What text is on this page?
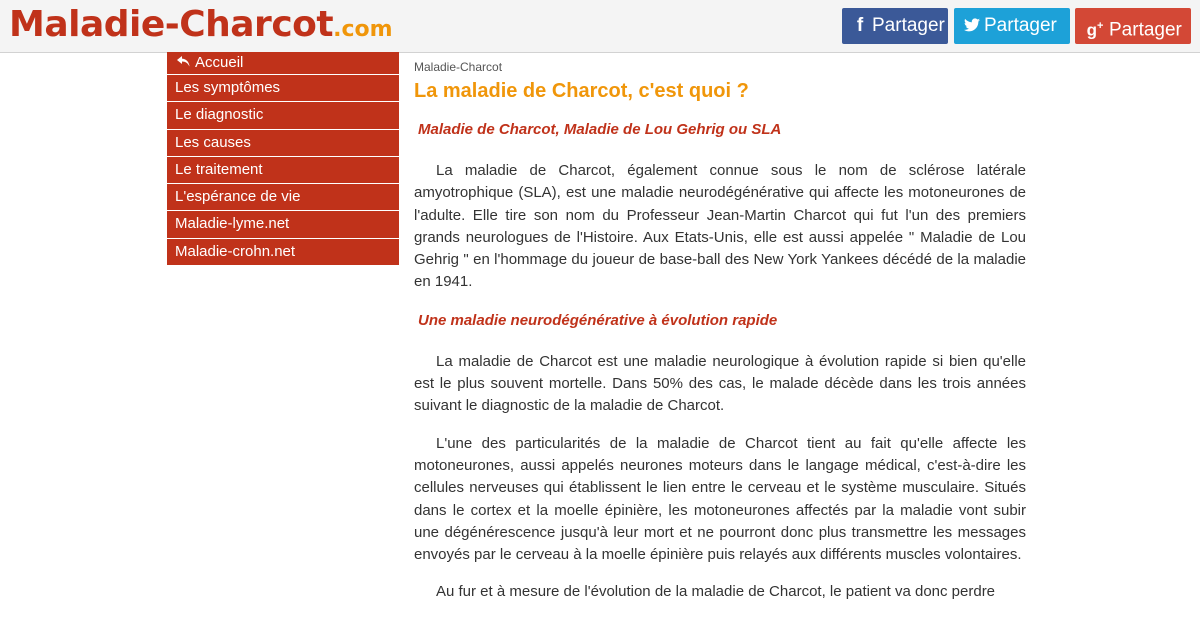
Maladie-Charcot.com	f Partager	Partager	g+ Partager
Accueil
Les symptômes
Le diagnostic
Les causes
Le traitement
L'espérance de vie
Maladie-lyme.net
Maladie-crohn.net
Maladie-Charcot
La maladie de Charcot, c'est quoi ?
Maladie de Charcot, Maladie de Lou Gehrig ou SLA

La maladie de Charcot, également connue sous le nom de sclérose latérale amyotrophique (SLA), est une maladie neurodégénérative qui affecte les motoneurones de l'adulte. Elle tire son nom du Professeur Jean-Martin Charcot qui fut l'un des premiers grands neurologues de l'Histoire. Aux Etats-Unis, elle est aussi appelée " Maladie de Lou Gehrig " en l'hommage du joueur de base-ball des New York Yankees décédé de la maladie en 1941.

Une maladie neurodégénérative à évolution rapide

La maladie de Charcot est une maladie neurologique à évolution rapide si bien qu'elle est le plus souvent mortelle. Dans 50% des cas, le malade décède dans les trois années suivant le diagnostic de la maladie de Charcot.

L'une des particularités de la maladie de Charcot tient au fait qu'elle affecte les motoneurones, aussi appelés neurones moteurs dans le langage médical, c'est-à-dire les cellules nerveuses qui établissent le lien entre le cerveau et le système musculaire. Situés dans le cortex et la moelle épinière, les motoneurones affectés par la maladie vont subir une dégénérescence jusqu'à leur mort et ne pourront donc plus transmettre les messages envoyés par le cerveau à la moelle épinière puis relayés aux différents muscles volontaires.

Au fur et à mesure de l'évolution de la maladie de Charcot, le patient va donc perdre
